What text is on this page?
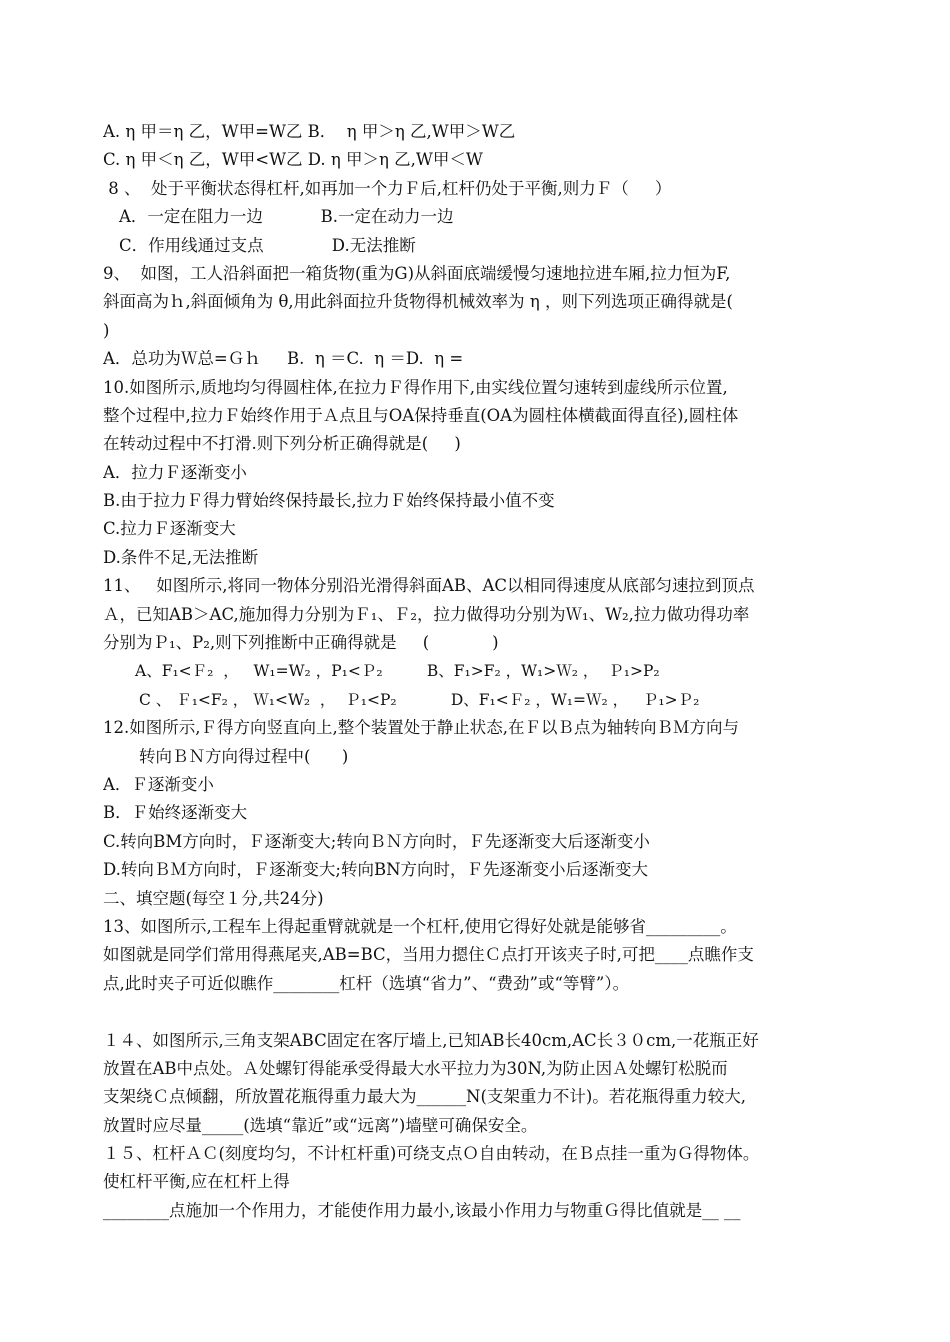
A. η 甲＝η 乙，W甲=W乙 B．  η 甲＞η 乙,W甲＞W乙
C. η 甲＜η 乙，W甲<W乙 D. η 甲＞η 乙,W甲＜W
8 、  处于平衡状态得杠杆,如再加一个力Ｆ后,杠杆仍处于平衡,则力Ｆ（     ）
A．一定在阻力一边           B.一定在动力一边
C．作用线通过支点             D.无法推断
9、  如图，工人沿斜面把一箱货物(重为G)从斜面底端缓慢匀速地拉进车厢,拉力恒为F,
斜面高为ｈ,斜面倾角为 θ,用此斜面拉升货物得机械效率为 η ，则下列选项正确得就是(
)
A．总功为Ｗ总=Ｇｈ     B.  η ＝C.  η ＝D.  η =
10.如图所示,质地均匀得圆柱体,在拉力Ｆ得作用下,由实线位置匀速转到虚线所示位置,
整个过程中,拉力Ｆ始终作用于Ａ点且与OA保持垂直(OA为圆柱体横截面得直径),圆柱体
在转动过程中不打滑.则下列分析正确得就是(     )
A．拉力Ｆ逐渐变小
B.由于拉力Ｆ得力臂始终保持最长,拉力Ｆ始终保持最小值不变
C.拉力Ｆ逐渐变大
D.条件不足,无法推断
11、   如图所示,将同一物体分别沿光滑得斜面AB、AC以相同得速度从底部匀速拉到顶点
Ａ，已知AB＞AC,施加得力分别为Ｆ₁、Ｆ₂，拉力做得功分别为Ｗ₁、W₂,拉力做功得功率
分别为Ｐ₁、P₂,则下列推断中正确得就是     (            )
A、F₁<Ｆ₂  ，   W₁=W₂ ，P₁<Ｐ₂         B、F₁>F₂ ，W₁>Ｗ₂ ，  Ｐ₁>P₂
C 、 Ｆ₁<F₂ ， Ｗ₁<W₂  ，  Ｐ₁<P₂           D、F₁<Ｆ₂ ，W₁=Ｗ₂ ，   Ｐ₁>Ｐ₂
12.如图所示,Ｆ得方向竖直向上,整个装置处于静止状态,在Ｆ以Ｂ点为轴转向ＢＭ方向与
转向ＢＮ方向得过程中(      )
A．Ｆ逐渐变小
B．Ｆ始终逐渐变大
C.转向BM方向时，Ｆ逐渐变大;转向ＢＮ方向时，Ｆ先逐渐变大后逐渐变小
D.转向ＢＭ方向时，Ｆ逐渐变大;转向BN方向时，Ｆ先逐渐变小后逐渐变大
二、填空题(每空１分,共24分)
13、如图所示,工程车上得起重臂就就是一个杠杆,使用它得好处就是能够省_________。
如图就是同学们常用得燕尾夹,AB=BC，当用力摁住Ｃ点打开该夹子时,可把____点瞧作支
点,此时夹子可近似瞧作________杠杆（选填“省力”、“费劲”或“等臂”）。
１４、如图所示,三角支架ABC固定在客厅墙上,已知AB长40cm,AC长３０cm,一花瓶正好
放置在AB中点处。Ａ处螺钉得能承受得最大水平拉力为30N,为防止因Ａ处螺钉松脱而
支架绕Ｃ点倾翻，所放置花瓶得重力最大为______N(支架重力不计)。若花瓶得重力较大,
放置时应尽量_____(选填“靠近”或“远离”)墙壁可确保安全。
１５、杠杆ＡＣ(刻度均匀，不计杠杆重)可绕支点Ｏ自由转动，在Ｂ点挂一重为Ｇ得物体。
使杠杆平衡,应在杠杆上得
________点施加一个作用力，才能使作用力最小,该最小作用力与物重Ｇ得比值就是__ __
